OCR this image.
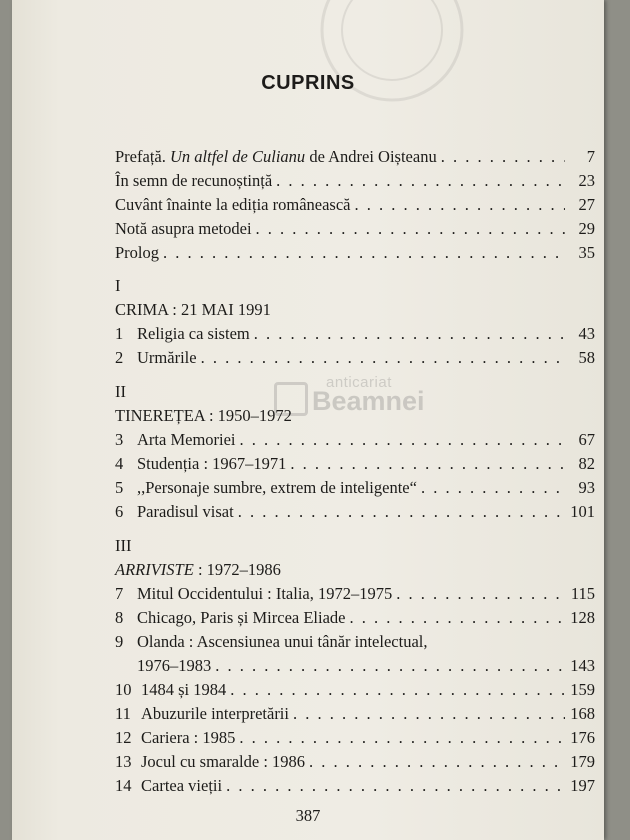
anticariat
Beamnei
CUPRINS
Prefață. Un altfel de Culianu de Andrei Oișteanu . . .	7
În semn de recunoștință . . .	23
Cuvânt înainte la ediția românească . . .	27
Notă asupra metodei . . .	29
Prolog . . .	35
I
CRIMA : 21 MAI 1991
1 Religia ca sistem . . .	43
2 Urmările . . .	58
II
TINEREȚEA : 1950–1972
3 Arta Memoriei . . .	67
4 Studenția : 1967–1971 . . .	82
5 ,,Personaje sumbre, extrem de inteligente“ . . .	93
6 Paradisul visat . . .	101
III
ARRIVISTE : 1972–1986
7 Mitul Occidentului : Italia, 1972–1975 . . .	115
8 Chicago, Paris și Mircea Eliade . . .	128
9 Olanda : Ascensiunea unui tânăr intelectual,
1976–1983 . . .	143
10 1484 și 1984 . . .	159
11 Abuzurile interpretării . . .	168
12 Cariera : 1985 . . .	176
13 Jocul cu smaralde : 1986 . . .	179
14 Cartea vieții . . .	197
387
